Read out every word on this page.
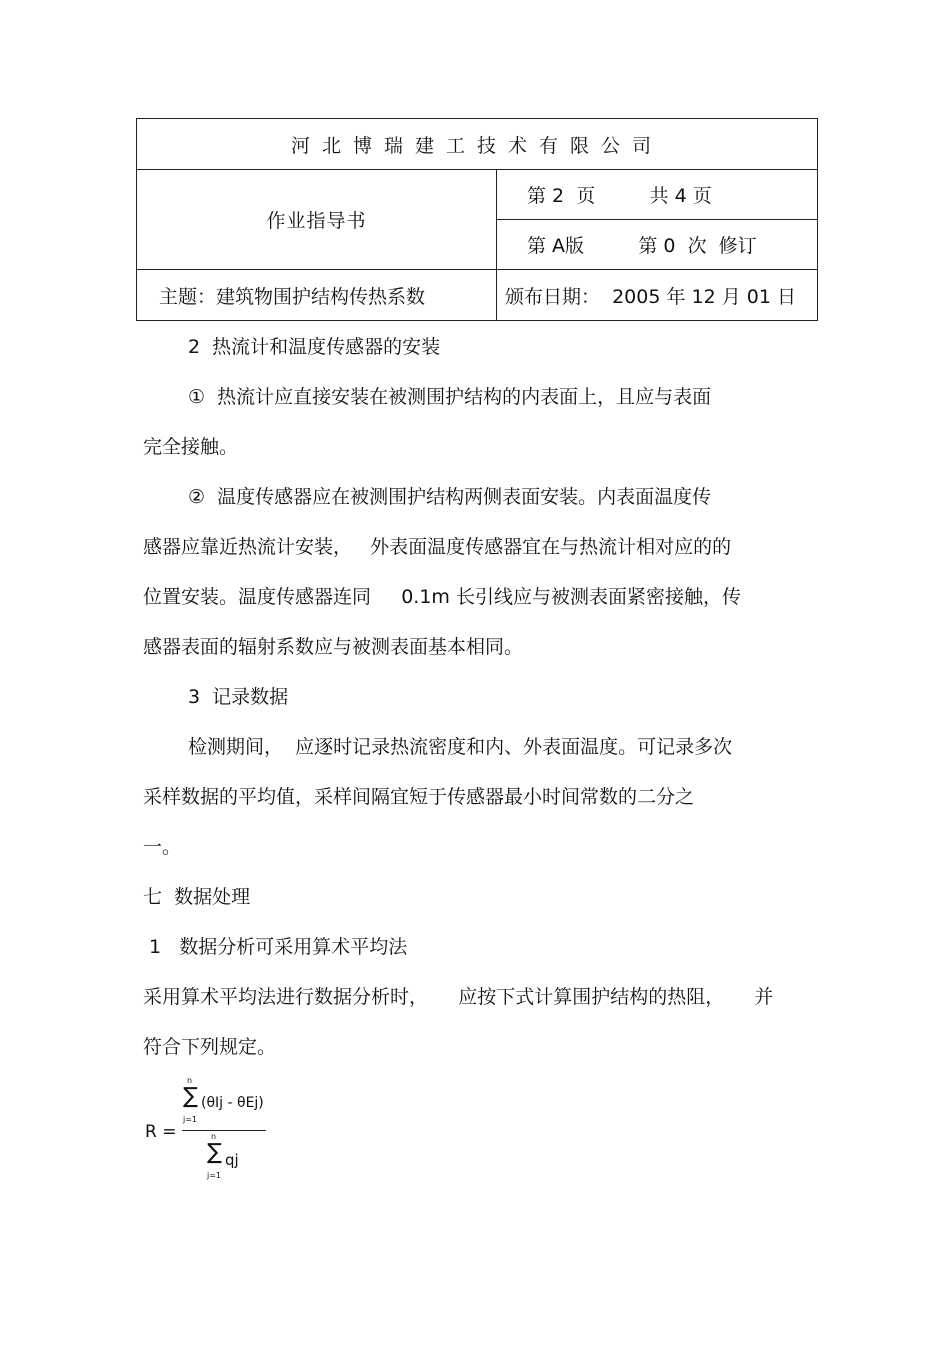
河北博瑞建工技术有限公司	
作业指导书	第 2  页         共 4 页
	第 A版         第 0  次  修订
主题：建筑物围护结构传热系数	颁布日期：  2005 年 12 月 01 日

2  热流计和温度传感器的安装

①  热流计应直接安装在被测围护结构的内表面上，且应与表面

完全接触。

②  温度传感器应在被测围护结构两侧表面安装。内表面温度传

感器应靠近热流计安装，   外表面温度传感器宜在与热流计相对应的的

位置安装。温度传感器连同     0.1m 长引线应与被测表面紧密接触，传

感器表面的辐射系数应与被测表面基本相同。

3  记录数据

检测期间，  应逐时记录热流密度和内、外表面温度。可记录多次

采样数据的平均值，采样间隔宜短于传感器最小时间常数的二分之

一。

七  数据处理

1   数据分析可采用算术平均法

采用算术平均法进行数据分析时，     应按下式计算围护结构的热阻，     并

符合下列规定。

R =
n
∑ (θIj - θEj)
j=1
n
∑ qj
j=1
